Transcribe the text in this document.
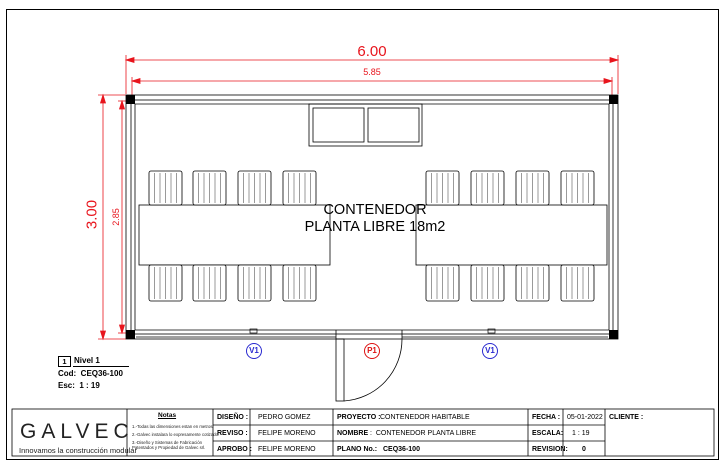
6.00
5.85
3.00 2.85	CONTENEDOR
PLANTA LIBRE 18m2
V1	P1	V1
1 Nivel 1
Cod:  CEQ36-100
Esc:  1 : 19
GALVEC
Innovamos la construcción modular
Notas
1.-Todas las dimensiones estan en metros.
2.-Galvec instalara lo expresamente cotizado.
3.-Diseño y Sistemas de Fabricación
Patentados y Propiedad de Galvec srl.
DISEÑO : PEDRO GOMEZ	PROYECTO : CONTENEDOR HABITABLE	FECHA : 05-01-2022 CLIENTE :
REVISO : FELIPE MORENO	NOMBRE :  CONTENEDOR PLANTA LIBRE	ESCALA: 1 : 19
APROBO : FELIPE MORENO	PLANO No.: CEQ36-100	REVISION: 0
